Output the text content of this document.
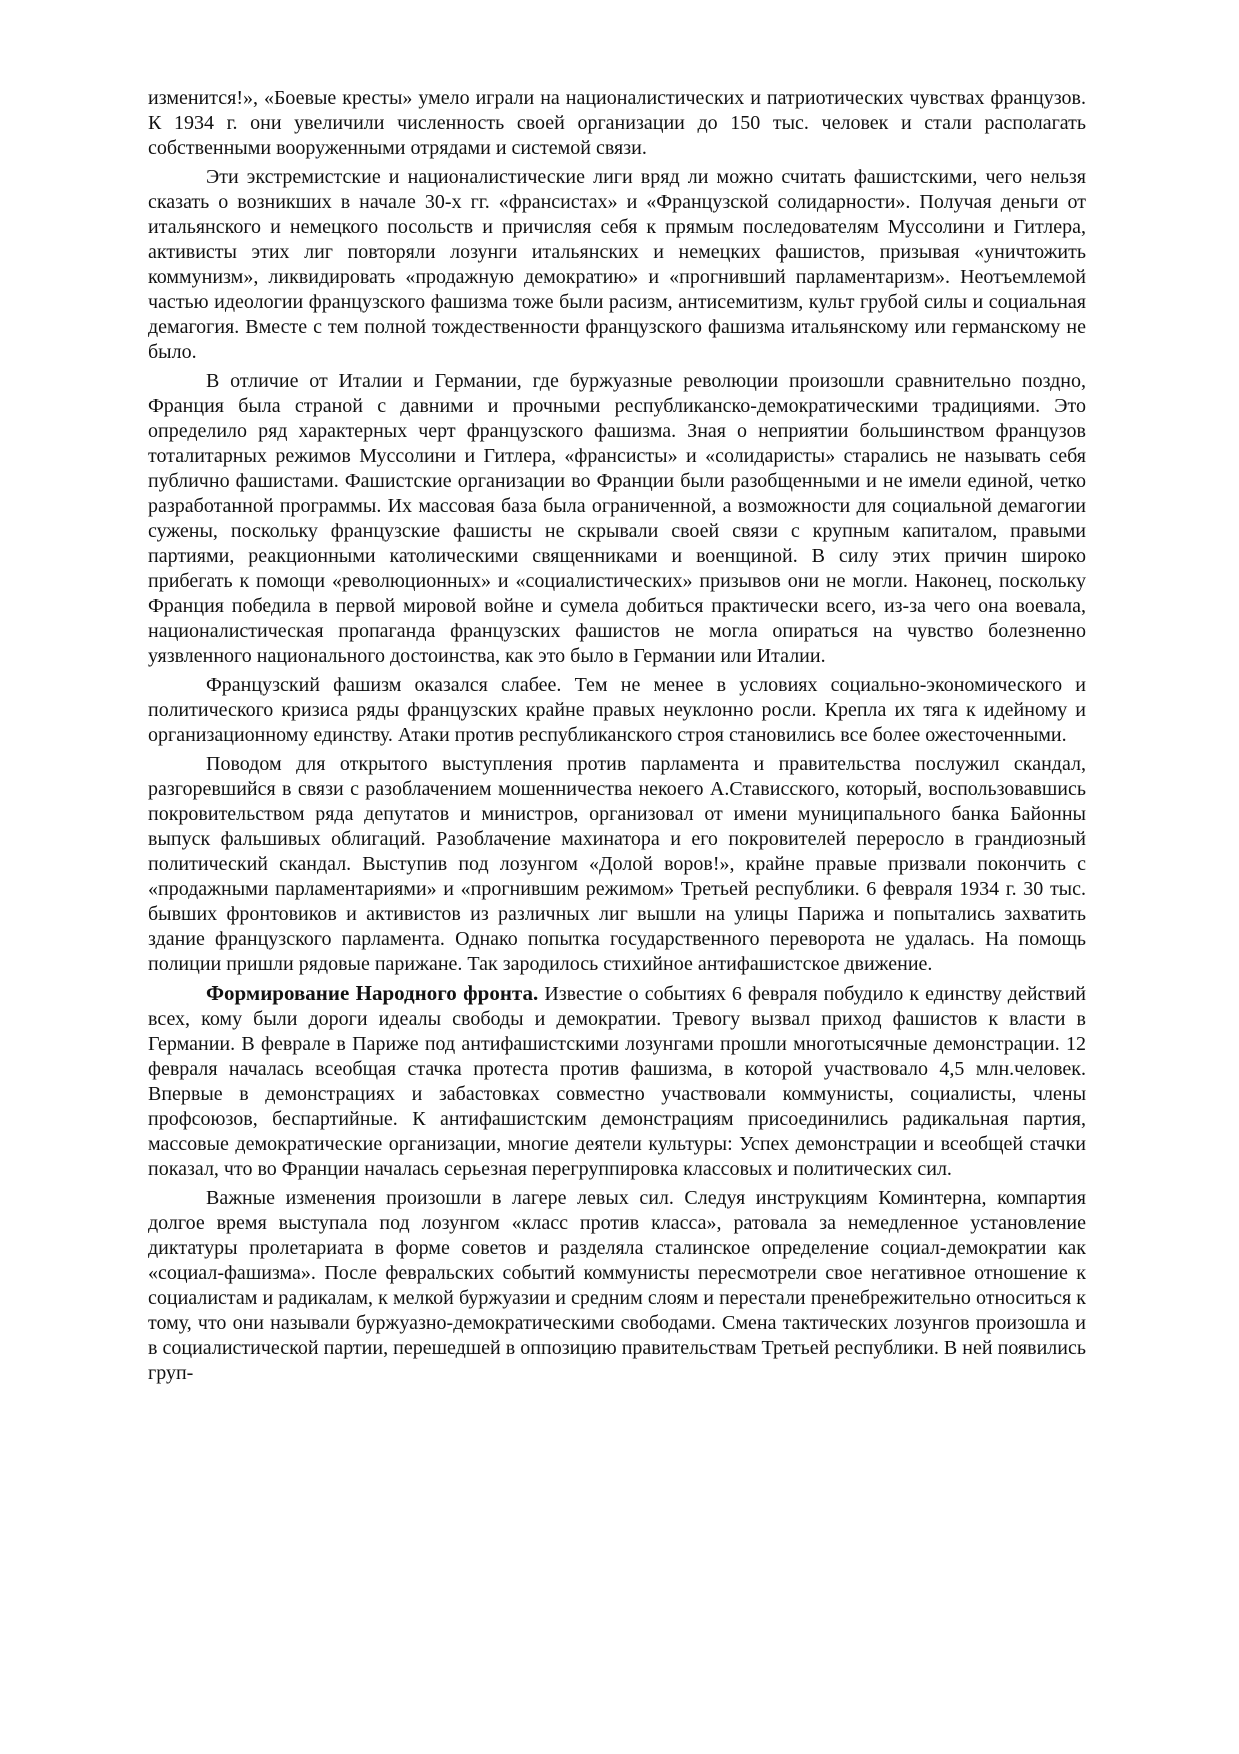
изменится!», «Боевые кресты» умело играли на националистических и патриотических чувствах французов. К 1934 г. они увеличили численность своей организации до 150 тыс. человек и стали располагать собственными вооруженными отрядами и системой связи.

Эти экстремистские и националистические лиги вряд ли можно считать фашистскими, чего нельзя сказать о возникших в начале 30-х гг. «франсистах» и «Французской солидарности». Получая деньги от итальянского и немецкого посольств и причисляя себя к прямым последователям Муссолини и Гитлера, активисты этих лиг повторяли лозунги итальянских и немецких фашистов, призывая «уничтожить коммунизм», ликвидировать «продажную демократию» и «прогнивший парламентаризм». Неотъемлемой частью идеологии французского фашизма тоже были расизм, антисемитизм, культ грубой силы и социальная демагогия. Вместе с тем полной тождественности французского фашизма итальянскому или германскому не было.

В отличие от Италии и Германии, где буржуазные революции произошли сравнительно поздно, Франция была страной с давними и прочными республиканско-демократическими традициями. Это определило ряд характерных черт французского фашизма. Зная о неприятии большинством французов тоталитарных режимов Муссолини и Гитлера, «франсисты» и «солидаристы» старались не называть себя публично фашистами. Фашистские организации во Франции были разобщенными и не имели единой, четко разработанной программы. Их массовая база была ограниченной, а возможности для социальной демагогии сужены, поскольку французские фашисты не скрывали своей связи с крупным капиталом, правыми партиями, реакционными католическими священниками и военщиной. В силу этих причин широко прибегать к помощи «революционных» и «социалистических» призывов они не могли. Наконец, поскольку Франция победила в первой мировой войне и сумела добиться практически всего, из-за чего она воевала, националистическая пропаганда французских фашистов не могла опираться на чувство болезненно уязвленного национального достоинства, как это было в Германии или Италии.

Французский фашизм оказался слабее. Тем не менее в условиях социально-экономического и политического кризиса ряды французских крайне правых неуклонно росли. Крепла их тяга к идейному и организационному единству. Атаки против республиканского строя становились все более ожесточенными.

Поводом для открытого выступления против парламента и правительства послужил скандал, разгоревшийся в связи с разоблачением мошенничества некоего А.Стависского, который, воспользовавшись покровительством ряда депутатов и министров, организовал от имени муниципального банка Байонны выпуск фальшивых облигаций. Разоблачение махинатора и его покровителей переросло в грандиозный политический скандал. Выступив под лозунгом «Долой воров!», крайне правые призвали покончить с «продажными парламентариями» и «прогнившим режимом» Третьей республики. 6 февраля 1934 г. 30 тыс. бывших фронтовиков и активистов из различных лиг вышли на улицы Парижа и попытались захватить здание французского парламента. Однако попытка государственного переворота не удалась. На помощь полиции пришли рядовые парижане. Так зародилось стихийное антифашистское движение.

Формирование Народного фронта. Известие о событиях 6 февраля побудило к единству действий всех, кому были дороги идеалы свободы и демократии. Тревогу вызвал приход фашистов к власти в Германии. В феврале в Париже под антифашистскими лозунгами прошли многотысячные демонстрации. 12 февраля началась всеобщая стачка протеста против фашизма, в которой участвовало 4,5 млн.человек. Впервые в демонстрациях и забастовках совместно участвовали коммунисты, социалисты, члены профсоюзов, беспартийные. К антифашистским демонстрациям присоединились радикальная партия, массовые демократические организации, многие деятели культуры: Успех демонстрации и всеобщей стачки показал, что во Франции началась серьезная перегруппировка классовых и политических сил.

Важные изменения произошли в лагере левых сил. Следуя инструкциям Коминтерна, компартия долгое время выступала под лозунгом «класс против класса», ратовала за немедленное установление диктатуры пролетариата в форме советов и разделяла сталинское определение социал-демократии как «социал-фашизма». После февральских событий коммунисты пересмотрели свое негативное отношение к социалистам и радикалам, к мелкой буржуазии и средним слоям и перестали пренебрежительно относиться к тому, что они называли буржуазно-демократическими свободами. Смена тактических лозунгов произошла и в социалистической партии, перешедшей в оппозицию правительствам Третьей республики. В ней появились груп-
